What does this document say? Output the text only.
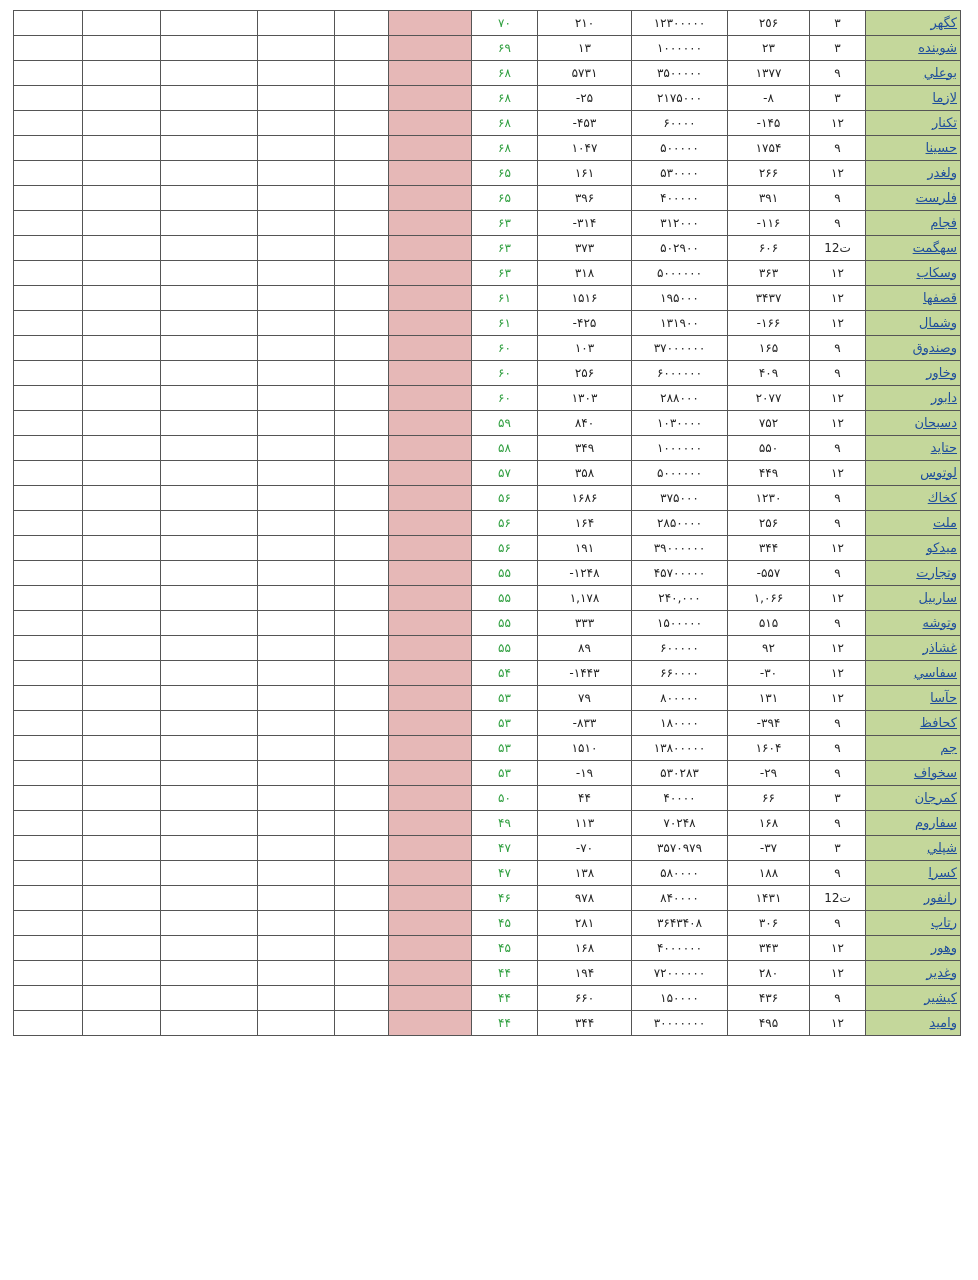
						٧٠	٢١٠	١٢٣٠٠٠٠٠	٢٥۶	٣	كگهر
						۶٩	١٣	١٠٠٠٠٠٠	٢٣	٣	شوينده
						۶٨	۵٧٣١	٣۵٠٠٠٠٠	١٣٧٧	٩	بوعلي
						۶٨	-٢۵	٢١٧۵٠٠٠	-٨	٣	لازما
						۶٨	-۴۵٣	۶٠٠٠٠	-١۴۵	١٢	تكنار
						۶٨	١٠۴٧	۵٠٠٠٠٠	١٧۵۴	٩	حسينا
						۶۵	١۶١	۵٣٠٠٠٠	٢۶۶	١٢	ولغدر
						۶۵	٣٩۶	۴٠٠٠٠٠	٣٩١	٩	فلرست
						۶٣	-٣١۴	٣١٢٠٠٠	-١١۶	٩	فجام
						۶٣	٣٧٣	۵٠٢٩٠٠	۶٠۶	12ت	سهگمت
						۶٣	٣١٨	۵٠٠٠٠٠٠	٣۶٣	١٢	وسكاب
						۶١	١۵١۶	١٩۵٠٠٠	٣۴٣٧	١٢	قصفها
						۶١	-۴٢۵	١٣١٩٠٠	-١۶۶	١٢	وشمال
						۶٠	١٠٣	٣٧٠٠٠٠٠٠	١۶۵	٩	وصندوق
						۶٠	٢۵۶	۶٠٠٠٠٠٠	۴٠٩	٩	وخاور
						۶٠	١٣٠٣	٢٨٨٠٠٠	٢٠٧٧	١٢	دابور
						۵٩	٨۴٠	١٠٣٠٠٠٠	٧۵٢	١٢	دسبحان
						۵٨	٣۴٩	١٠٠٠٠٠٠	۵۵٠	٩	حتايد
						۵٧	٣۵٨	۵٠٠٠٠٠٠	۴۴٩	١٢	لوتوس
						۵۶	١۶٨۶	٣٧۵٠٠٠	١٢٣٠	٩	كخاك
						۵۶	١۶۴	٢٨۵٠٠٠٠	٢۵۶	٩	ملت
						۵۶	١٩١	٣٩٠٠٠٠٠٠	٣۴۴	١٢	ميدكو
						۵۵	-١٢۴٨	۴۵٧٠٠٠٠٠	-۵۵٧	٩	وتجارت
						۵۵	١,١٧٨	٢۴٠,٠٠٠	١,٠۶۶	١٢	ساربيل
						۵۵	٣٣٣	١۵٠٠٠٠٠	۵١۵	٩	وتوشه
						۵۵	٨٩	۶٠٠٠٠٠	٩٢	١٢	غشاذر
						۵۴	-١۴۴٣	۶۶٠٠٠٠	-٣٠	١٢	سفاسي
						۵٣	٧٩	٨٠٠٠٠٠	١٣١	١٢	حآسا
						۵٣	-٨٣٣	١٨٠٠٠٠	-٣٩۴	٩	كحافظ
						۵٣	١۵١٠	١٣٨٠٠٠٠٠	١۶٠۴	٩	جم
						۵٣	-١٩	۵٣٠٢٨٣	-٢٩	٩	سخواف
						۵٠	۴۴	۴٠٠٠٠	۶۶	٣	كمرجان
						۴٩	١١٣	٧٠٢۴٨	١۶٨	٩	سفاروم
						۴٧	-٧٠	٣۵٧٠٩٧٩	-٣٧	٣	شپلي
						۴٧	١٣٨	۵٨٠٠٠٠	١٨٨	٩	كسرا
						۴۶	٩٧٨	٨۴٠٠٠٠	١۴٣١	12ت	رانفور
						۴۵	٢٨١	٣۶۴٣۴٠٨	٣٠۶	٩	رتاپ
						۴۵	١۶٨	۴٠٠٠٠٠٠	٣۴٣	١٢	وهور
						۴۴	١٩۴	٧٢٠٠٠٠٠٠	٢٨٠	١٢	وغدير
						۴۴	۶۶٠	١۵٠٠٠٠	۴٣۶	٩	كيشير
						۴۴	٣۴۴	٣٠٠٠٠٠٠٠	۴٩۵	١٢	واميد
